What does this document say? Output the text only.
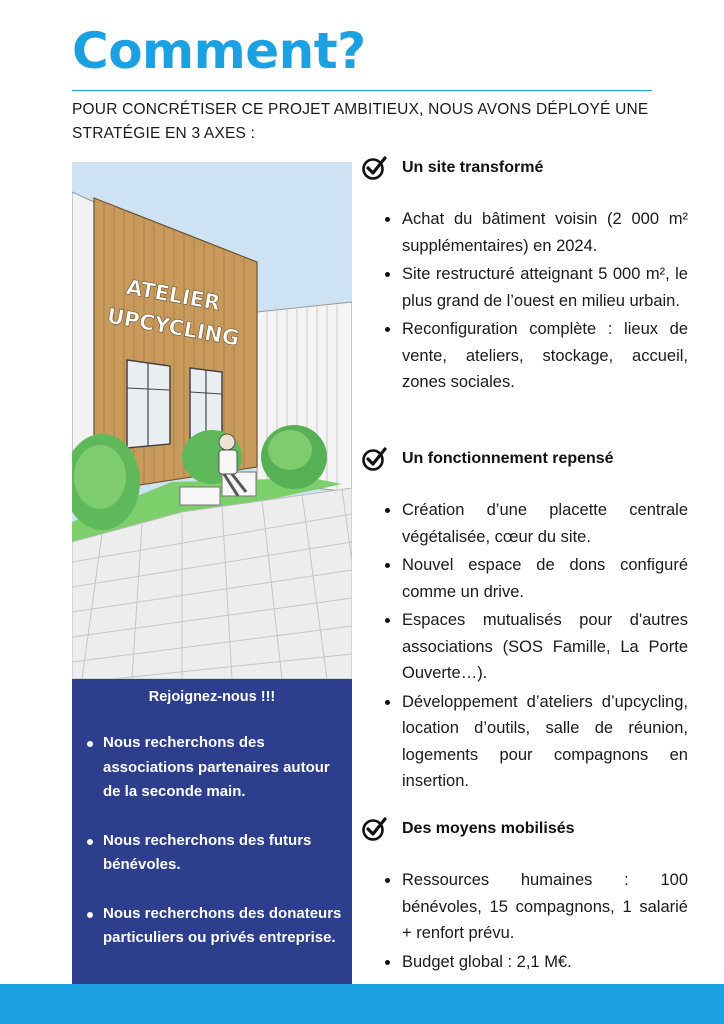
Comment?

POUR CONCRÉTISER CE PROJET AMBITIEUX, NOUS AVONS DÉPLOYÉ UNE STRATÉGIE EN 3 AXES :

ATELIER
UPCYCLING
Rejoignez-nous !!!
Nous recherchons des associations partenaires autour de la seconde main.
Nous recherchons des futurs bénévoles.
Nous recherchons des donateurs particuliers ou privés entreprise.
Un site transformé
Achat du bâtiment voisin (2 000 m² supplémentaires) en 2024.
Site restructuré atteignant 5 000 m², le plus grand de l’ouest en milieu urbain.
Reconfiguration complète : lieux de vente, ateliers, stockage, accueil, zones sociales.
Un fonctionnement repensé
Création d’une placette centrale végétalisée, cœur du site.
Nouvel espace de dons configuré comme un drive.
Espaces mutualisés pour d'autres associations (SOS Famille, La Porte Ouverte…).
Développement d’ateliers d’upcycling, location d’outils, salle de réunion, logements pour compagnons en insertion.
Des moyens mobilisés
Ressources humaines : 100 bénévoles, 15 compagnons, 1 salarié + renfort prévu.
Budget global : 2,1 M€.
